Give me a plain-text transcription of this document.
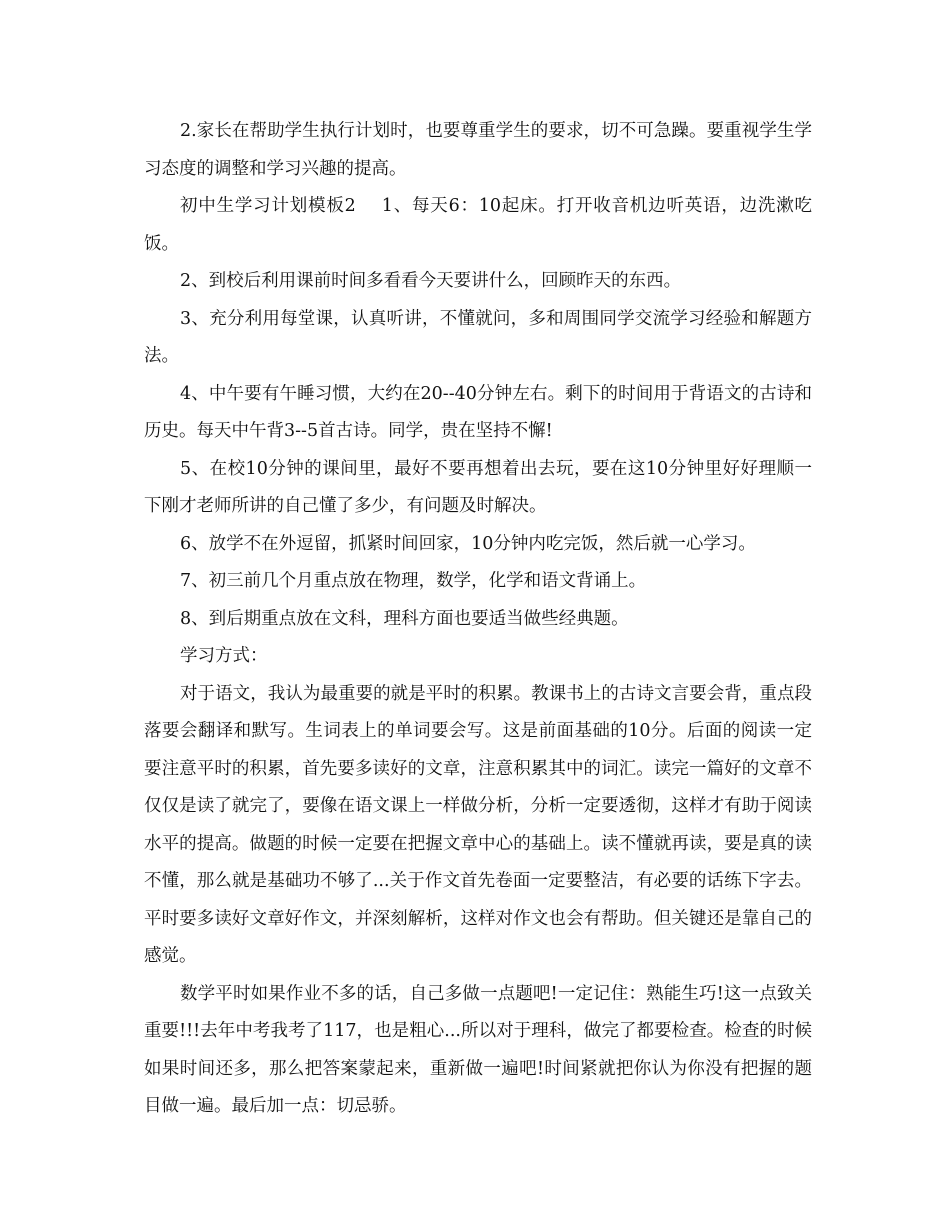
2.家长在帮助学生执行计划时，也要尊重学生的要求，切不可急躁。要重视学生学习态度的调整和学习兴趣的提高。

初中生学习计划模板2 1、每天6：10起床。打开收音机边听英语，边洗漱吃饭。

2、到校后利用课前时间多看看今天要讲什么，回顾昨天的东西。

3、充分利用每堂课，认真听讲，不懂就问，多和周围同学交流学习经验和解题方法。

4、中午要有午睡习惯，大约在20--40分钟左右。剩下的时间用于背语文的古诗和历史。每天中午背3--5首古诗。同学，贵在坚持不懈!

5、在校10分钟的课间里，最好不要再想着出去玩，要在这10分钟里好好理顺一下刚才老师所讲的自己懂了多少，有问题及时解决。

6、放学不在外逗留，抓紧时间回家，10分钟内吃完饭，然后就一心学习。

7、初三前几个月重点放在物理，数学，化学和语文背诵上。

8、到后期重点放在文科，理科方面也要适当做些经典题。

学习方式：

对于语文，我认为最重要的就是平时的积累。教课书上的古诗文言要会背，重点段落要会翻译和默写。生词表上的单词要会写。这是前面基础的10分。后面的阅读一定要注意平时的积累，首先要多读好的文章，注意积累其中的词汇。读完一篇好的文章不仅仅是读了就完了，要像在语文课上一样做分析，分析一定要透彻，这样才有助于阅读水平的提高。做题的时候一定要在把握文章中心的基础上。读不懂就再读，要是真的读不懂，那么就是基础功不够了...关于作文首先卷面一定要整洁，有必要的话练下字去。平时要多读好文章好作文，并深刻解析，这样对作文也会有帮助。但关键还是靠自己的感觉。

数学平时如果作业不多的话，自己多做一点题吧!一定记住：熟能生巧!这一点致关重要!!!去年中考我考了117，也是粗心...所以对于理科，做完了都要检查。检查的时候如果时间还多，那么把答案蒙起来，重新做一遍吧!时间紧就把你认为你没有把握的题目做一遍。最后加一点：切忌骄。
